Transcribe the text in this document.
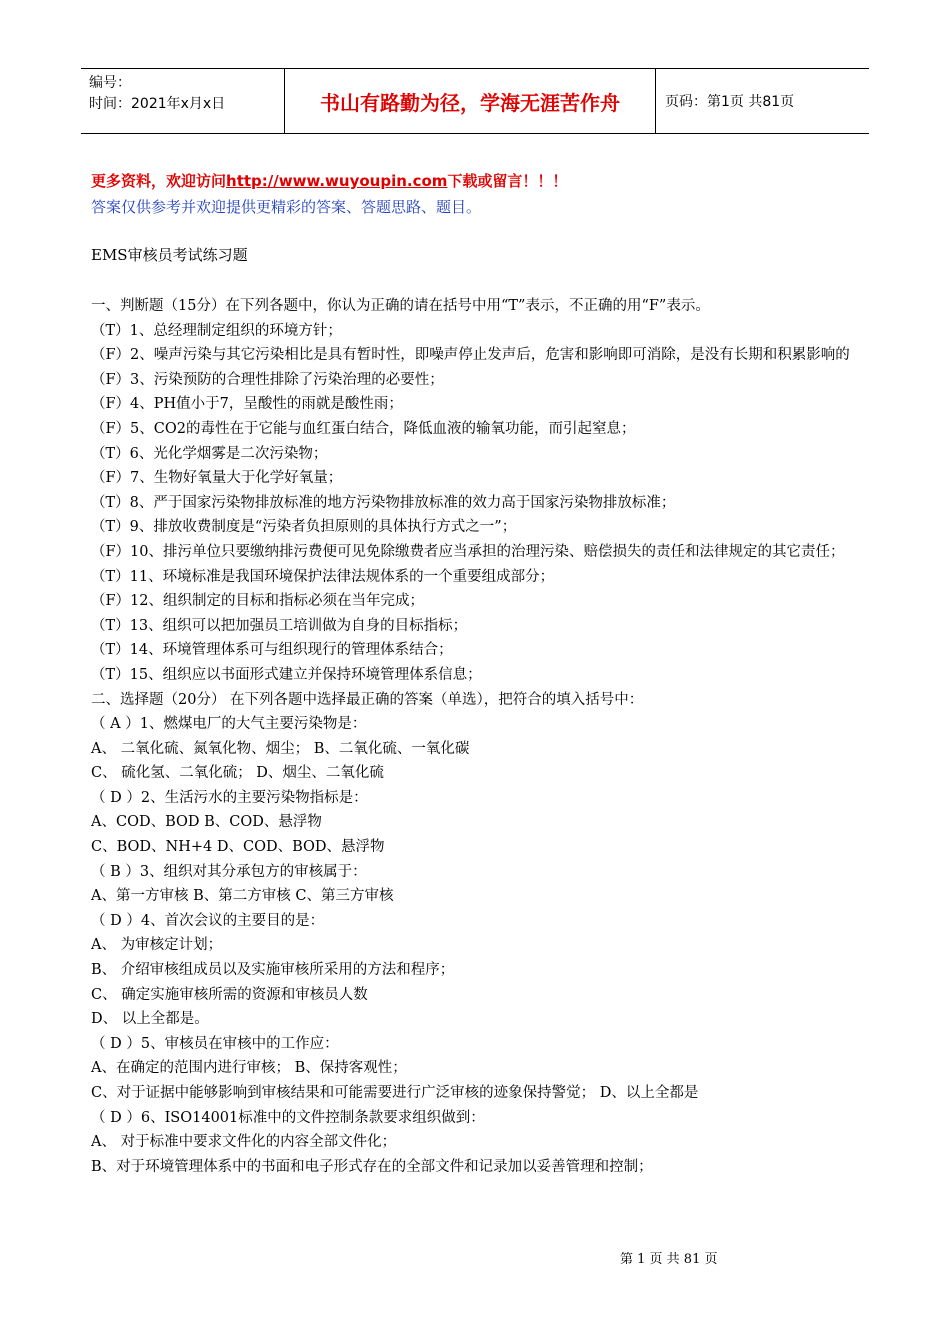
编号：
时间：2021年x月x日	书山有路勤为径，学海无涯苦作舟	页码：第1页 共81页
更多资料，欢迎访问http://www.wuyoupin.com下载或留言！！！
答案仅供参考并欢迎提供更精彩的答案、答题思路、题目。
EMS审核员考试练习题

一、判断题（15分）在下列各题中，你认为正确的请在括号中用“T”表示，不正确的用“F”表示。

（T）1、总经理制定组织的环境方针；

（F）2、噪声污染与其它污染相比是具有暂时性，即噪声停止发声后，危害和影响即可消除，是没有长期和积累影响的

（F）3、污染预防的合理性排除了污染治理的必要性；

（F）4、PH值小于7，呈酸性的雨就是酸性雨；

（F）5、CO2的毒性在于它能与血红蛋白结合，降低血液的输氧功能，而引起窒息；

（T）6、光化学烟雾是二次污染物；

（F）7、生物好氧量大于化学好氧量；

（T）8、严于国家污染物排放标准的地方污染物排放标准的效力高于国家污染物排放标准；

（T）9、排放收费制度是“污染者负担原则的具体执行方式之一”；

（F）10、排污单位只要缴纳排污费便可见免除缴费者应当承担的治理污染、赔偿损失的责任和法律规定的其它责任；

（T）11、环境标准是我国环境保护法律法规体系的一个重要组成部分；

（F）12、组织制定的目标和指标必须在当年完成；

（T）13、组织可以把加强员工培训做为自身的目标指标；

（T）14、环境管理体系可与组织现行的管理体系结合；

（T）15、组织应以书面形式建立并保持环境管理体系信息；

二、选择题（20分） 在下列各题中选择最正确的答案（单选），把符合的填入括号中：

（ A ）1、燃煤电厂的大气主要污染物是：

A、 二氧化硫、氮氧化物、烟尘； B、二氧化硫、一氧化碳

C、 硫化氢、二氧化硫； D、烟尘、二氧化硫

（ D ）2、生活污水的主要污染物指标是：

A、COD、BOD B、COD、悬浮物

C、BOD、NH+4 D、COD、BOD、悬浮物

（ B ）3、组织对其分承包方的审核属于：

A、第一方审核 B、第二方审核 C、第三方审核

（ D ）4、首次会议的主要目的是：

A、 为审核定计划；

B、 介绍审核组成员以及实施审核所采用的方法和程序；

C、 确定实施审核所需的资源和审核员人数

D、 以上全都是。

（ D ）5、审核员在审核中的工作应：

A、在确定的范围内进行审核； B、保持客观性；

C、对于证据中能够影响到审核结果和可能需要进行广泛审核的迹象保持警觉； D、以上全都是

（ D ）6、ISO14001标准中的文件控制条款要求组织做到：

A、 对于标准中要求文件化的内容全部文件化；

B、对于环境管理体系中的书面和电子形式存在的全部文件和记录加以妥善管理和控制；

第 1 页 共 81 页
